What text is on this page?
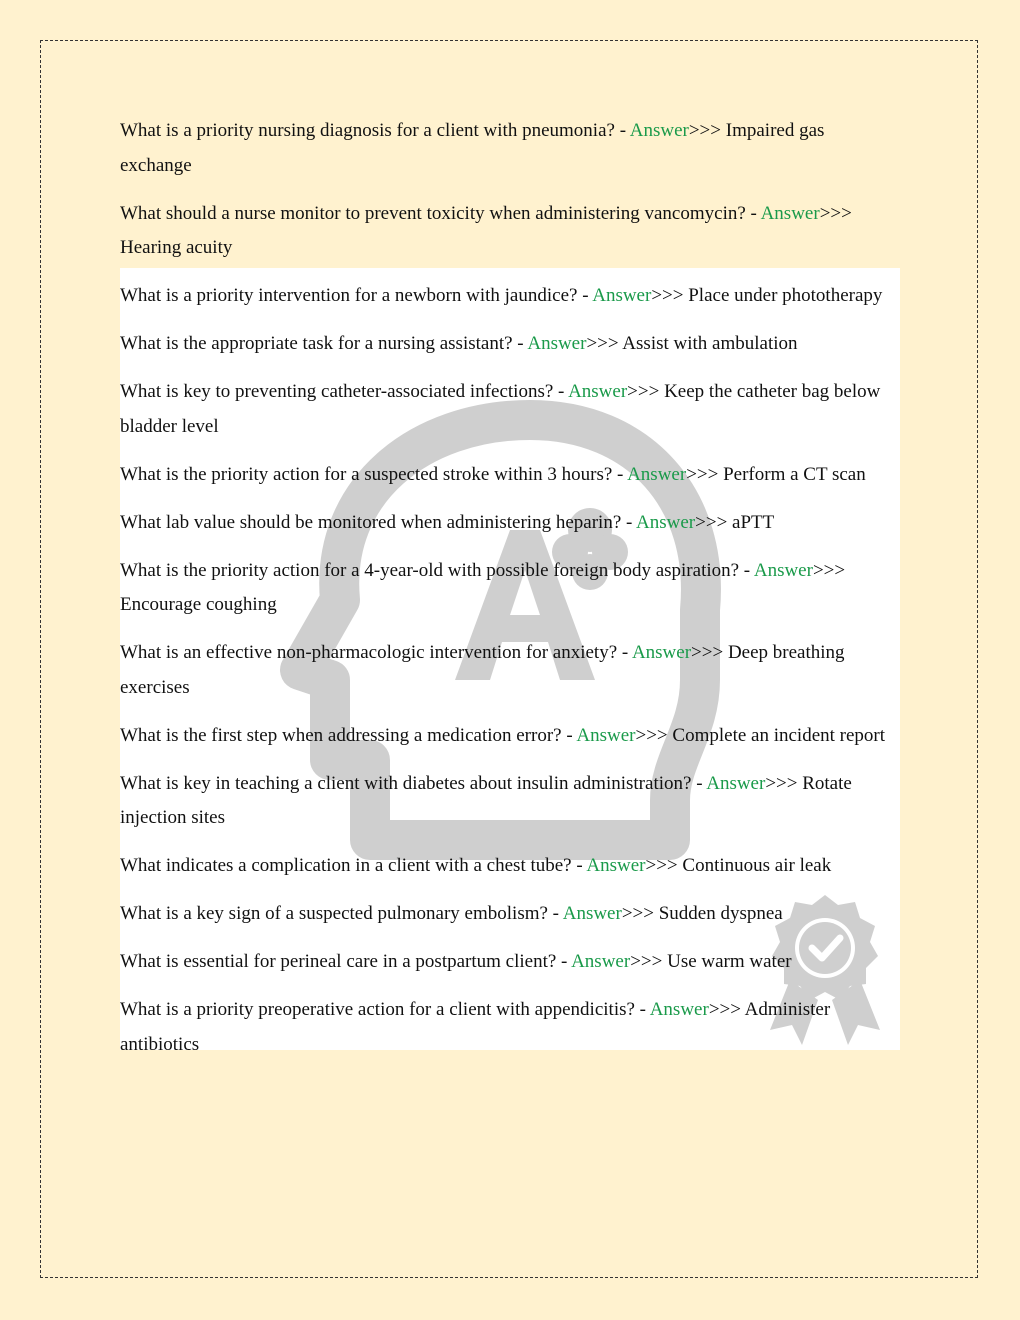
What is a priority nursing diagnosis for a client with pneumonia? - Answer>>> Impaired gas exchange
What should a nurse monitor to prevent toxicity when administering vancomycin? - Answer>>> Hearing acuity
What is a priority intervention for a newborn with jaundice? - Answer>>> Place under phototherapy
What is the appropriate task for a nursing assistant? - Answer>>> Assist with ambulation
What is key to preventing catheter-associated infections? - Answer>>> Keep the catheter bag below bladder level
What is the priority action for a suspected stroke within 3 hours? - Answer>>> Perform a CT scan
What lab value should be monitored when administering heparin? - Answer>>> aPTT
What is the priority action for a 4-year-old with possible foreign body aspiration? - Answer>>> Encourage coughing
What is an effective non-pharmacologic intervention for anxiety? - Answer>>> Deep breathing exercises
What is the first step when addressing a medication error? - Answer>>> Complete an incident report
What is key in teaching a client with diabetes about insulin administration? - Answer>>> Rotate injection sites
What indicates a complication in a client with a chest tube? - Answer>>> Continuous air leak
What is a key sign of a suspected pulmonary embolism? - Answer>>> Sudden dyspnea
What is essential for perineal care in a postpartum client? - Answer>>> Use warm water
What is a priority preoperative action for a client with appendicitis? - Answer>>> Administer antibiotics
